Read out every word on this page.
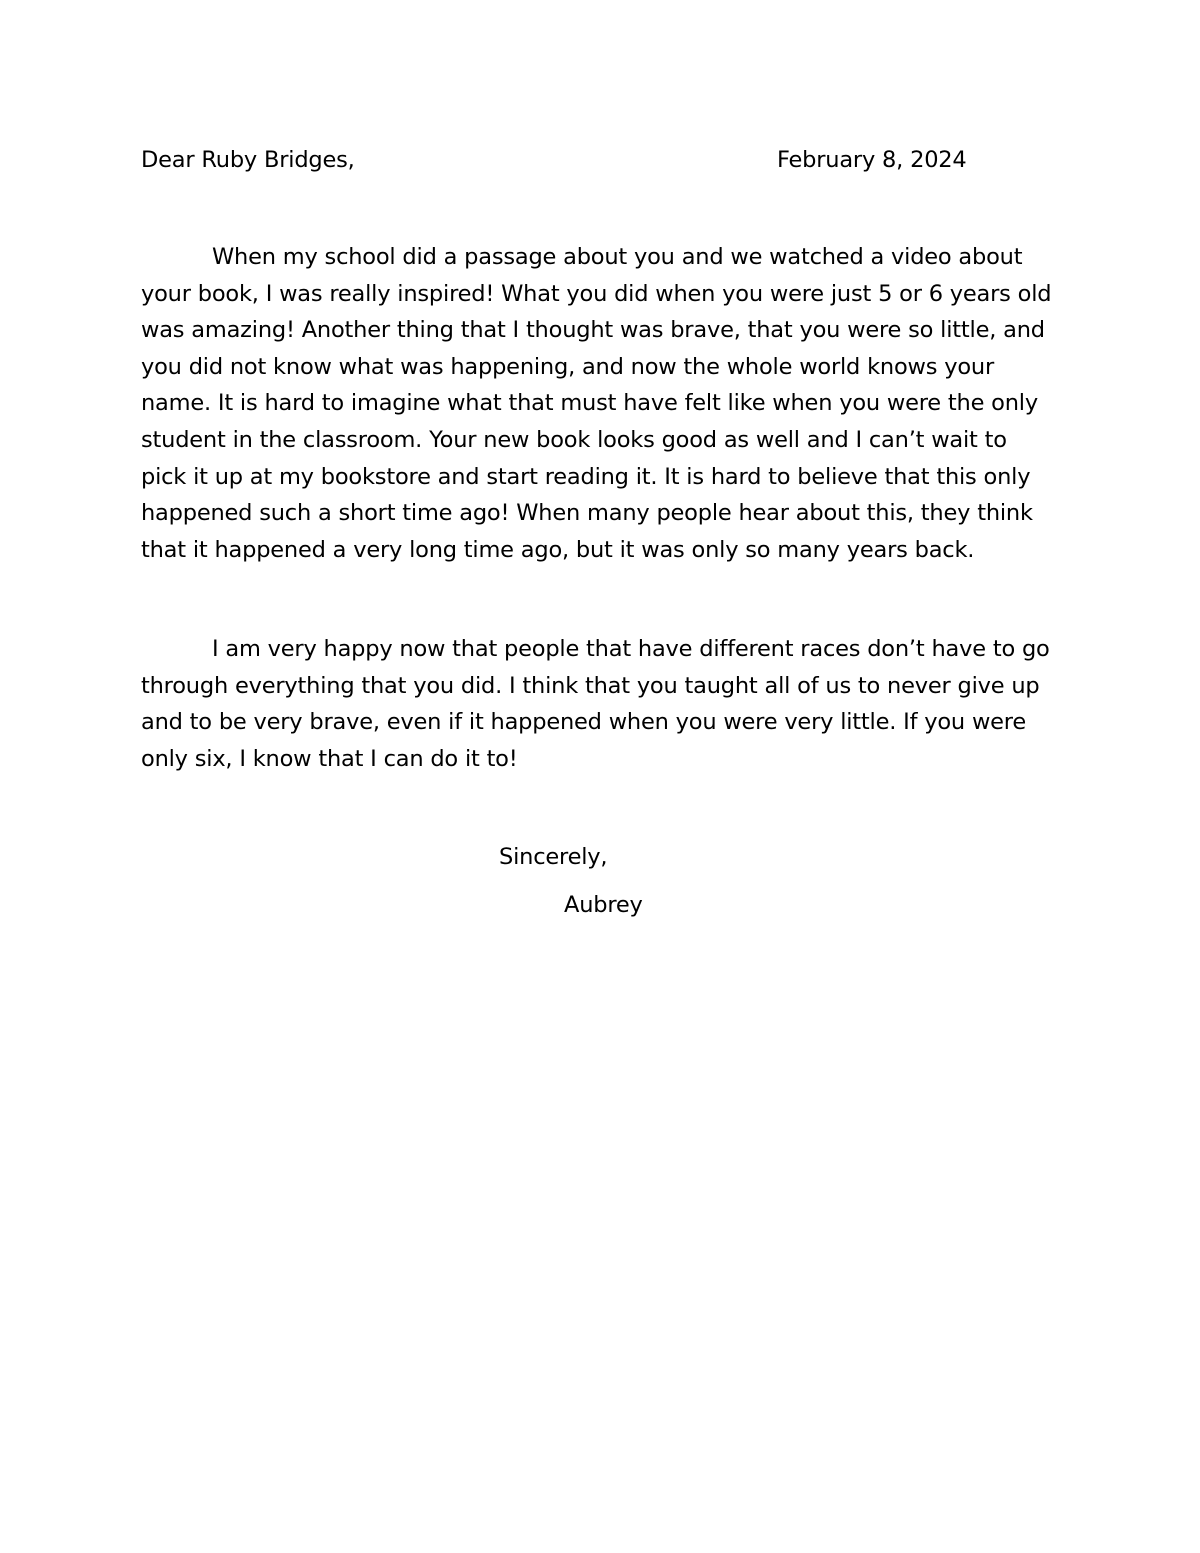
Dear Ruby Bridges,	February 8, 2024

When my school did a passage about you and we watched a video about
your book, I was really inspired! What you did when you were just 5 or 6 years old
was amazing! Another thing that I thought was brave, that you were so little, and
you did not know what was happening, and now the whole world knows your
name. It is hard to imagine what that must have felt like when you were the only
student in the classroom. Your new book looks good as well and I can’t wait to
pick it up at my bookstore and start reading it. It is hard to believe that this only
happened such a short time ago! When many people hear about this, they think
that it happened a very long time ago, but it was only so many years back.
I am very happy now that people that have different races don’t have to go
through everything that you did. I think that you taught all of us to never give up
and to be very brave, even if it happened when you were very little. If you were
only six, I know that I can do it to!

Sincerely,

Aubrey
